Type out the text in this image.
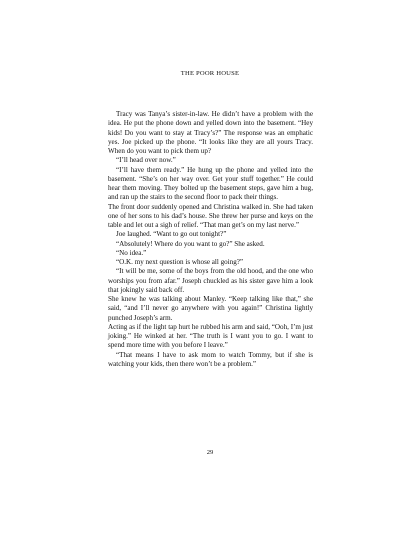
THE POOR HOUSE

Tracy was Tanya’s sister-in-law. He didn’t have a problem with the idea. He put the phone down and yelled down into the basement. “Hey kids! Do you want to stay at Tracy’s?” The response was an emphatic yes. Joe picked up the phone. “It looks like they are all yours Tracy. When do you want to pick them up?

“I’ll head over now.”

“I’ll have them ready.” He hung up the phone and yelled into the basement. “She’s on her way over. Get your stuff together.” He could hear them moving. They bolted up the basement steps, gave him a hug, and ran up the stairs to the second floor to pack their things.

The front door suddenly opened and Christina walked in. She had taken one of her sons to his dad’s house. She threw her purse and keys on the table and let out a sigh of relief. “That man get’s on my last nerve.”

Joe laughed. “Want to go out tonight?”

“Absolutely! Where do you want to go?” She asked.

“No idea.”

“O.K. my next question is whose all going?”

“It will be me, some of the boys from the old hood, and the one who worships you from afar.” Joseph chuckled as his sister gave him a look that jokingly said back off.

She knew he was talking about Manley. “Keep talking like that,” she said, “and I’ll never go anywhere with you again!” Christina lightly punched Joseph’s arm.

Acting as if the light tap hurt he rubbed his arm and said, “Ooh, I’m just joking.” He winked at her. “The truth is I want you to go. I want to spend more time with you before I leave.”

“That means I have to ask mom to watch Tommy, but if she is watching your kids, then there won’t be a problem.”

29
